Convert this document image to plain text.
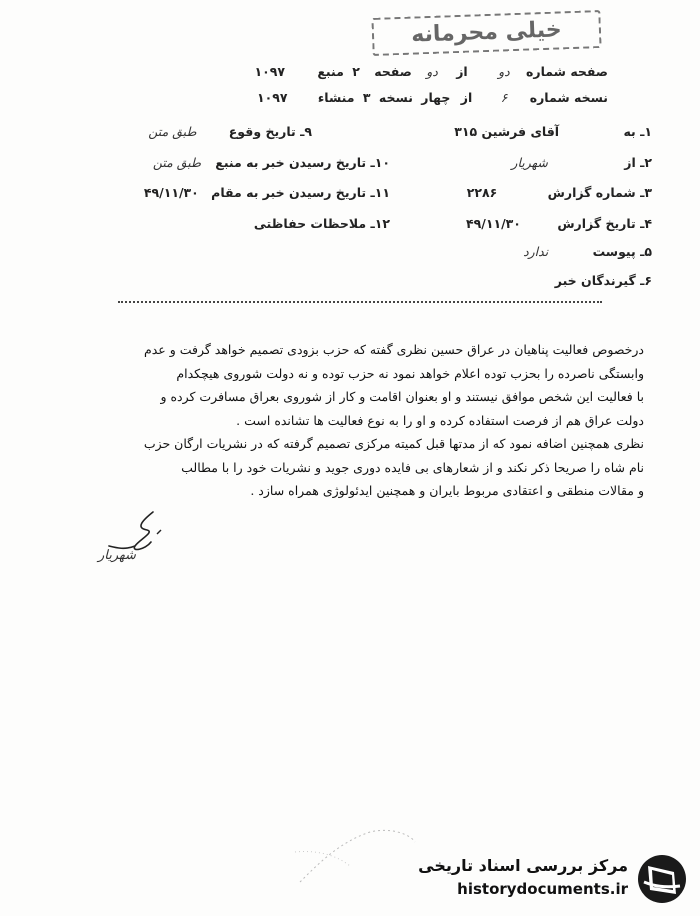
خیلی محرمانه
صفحه شماره دو از دو صفحه ۲ منبع ۱۰۹۷
نسخه شماره ۶ از چهار نسخه ۳ منشاء ۱۰۹۷
۱ـ به آقای فرشین ۳۱۵
۹ـ تاریخ وقوع طبق متن
۲ـ از شهریار
۱۰ـ تاریخ رسیدن خبر به منبع طبق متن
۳ـ شماره گزارش ۲۲۸۶
۱۱ـ تاریخ رسیدن خبر به مقام ۴۹/۱۱/۳۰
۴ـ تاریخ گزارش ۴۹/۱۱/۳۰
۱۲ـ ملاحظات حفاظتی
۵ـ پیوست ندارد
۶ـ گیرندگان خبر
درخصوص فعالیت پناهیان در عراق حسین نظری گفته که حزب بزودی تصمیم خواهد گرفت و عدم
وابستگی ناصرده را بحزب توده اعلام خواهد نمود نه حزب توده و نه دولت شوروی هیچکدام
با فعالیت این شخص موافق نیستند و او بعنوان اقامت و کار از شوروی بعراق مسافرت کرده و
دولت عراق هم از فرصت استفاده کرده و او را به نوع فعالیت ها تشانده است .
نظری همچنین اضافه نمود که از مدتها قبل کمیته مرکزی تصمیم گرفته که در نشریات ارگان حزب
نام شاه را صریحا ذکر نکند و از شعارهای بی فایده دوری جوید و نشریات خود را با مطالب
و مقالات منطقی و اعتقادی مربوط بایران و همچنین ایدئولوژی همراه سازد .
شهریار
مرکز بررسی اسناد تاریخی
historydocuments.ir
